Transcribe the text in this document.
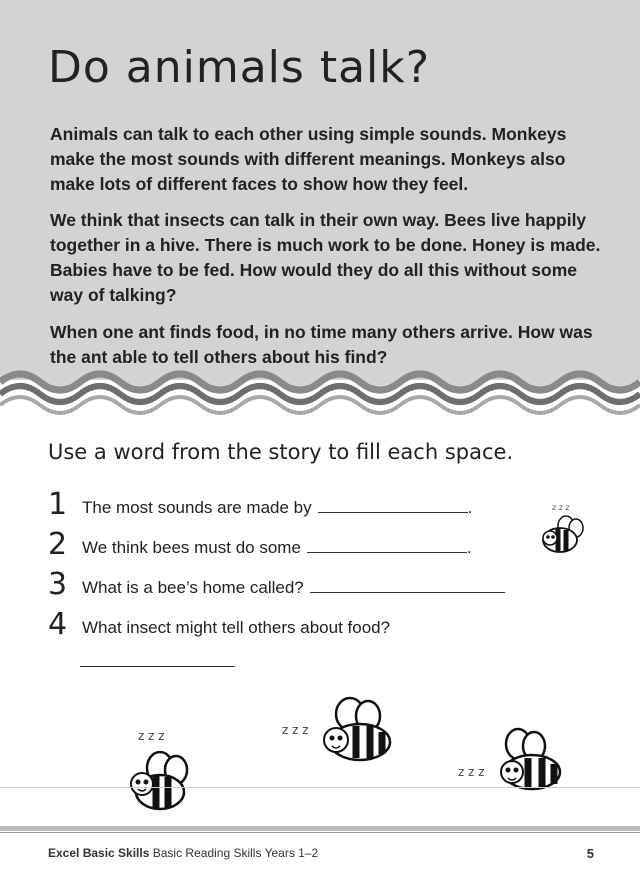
Do animals talk?

Animals can talk to each other using simple sounds. Monkeys make the most sounds with different meanings. Monkeys also make lots of different faces to show how they feel.

We think that insects can talk in their own way. Bees live happily together in a hive. There is much work to be done. Honey is made. Babies have to be fed. How would they do all this without some way of talking?

When one ant finds food, in no time many others arrive. How was the ant able to tell others about his find?

Use a word from the story to fill each space.

1 The most sounds are made by	.
2 We think bees must do some	.
3 What is a bee’s home called?
4 What insect might tell others about food?
z z z
z z z	z z z
z z z
Excel Basic Skills Basic Reading Skills Years 1–2	5
